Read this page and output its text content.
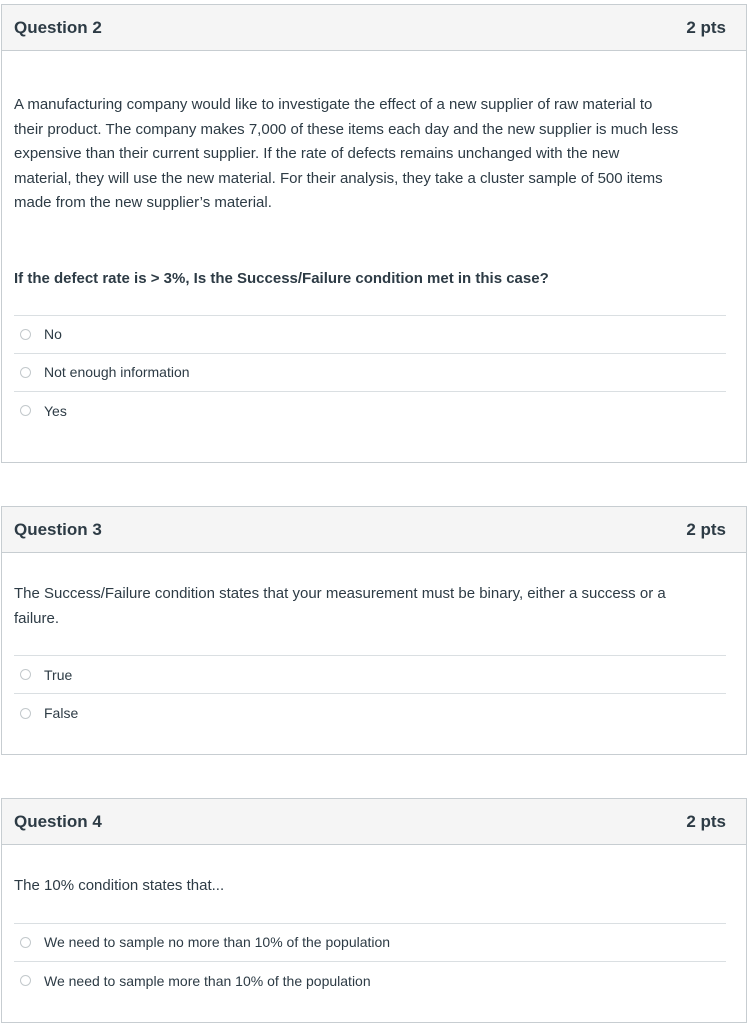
Question 2	2 pts

A manufacturing company would like to investigate the effect of a new supplier of raw material to
their product. The company makes 7,000 of these items each day and the new supplier is much less
expensive than their current supplier. If the rate of defects remains unchanged with the new
material, they will use the new material. For their analysis, they take a cluster sample of 500 items
made from the new supplier’s material.

If the defect rate is > 3%, Is the Success/Failure condition met in this case?

No
Not enough information
Yes
Question 3	2 pts

The Success/Failure condition states that your measurement must be binary, either a success or a
failure.

True
False
Question 4	2 pts

The 10% condition states that...

We need to sample no more than 10% of the population
We need to sample more than 10% of the population
